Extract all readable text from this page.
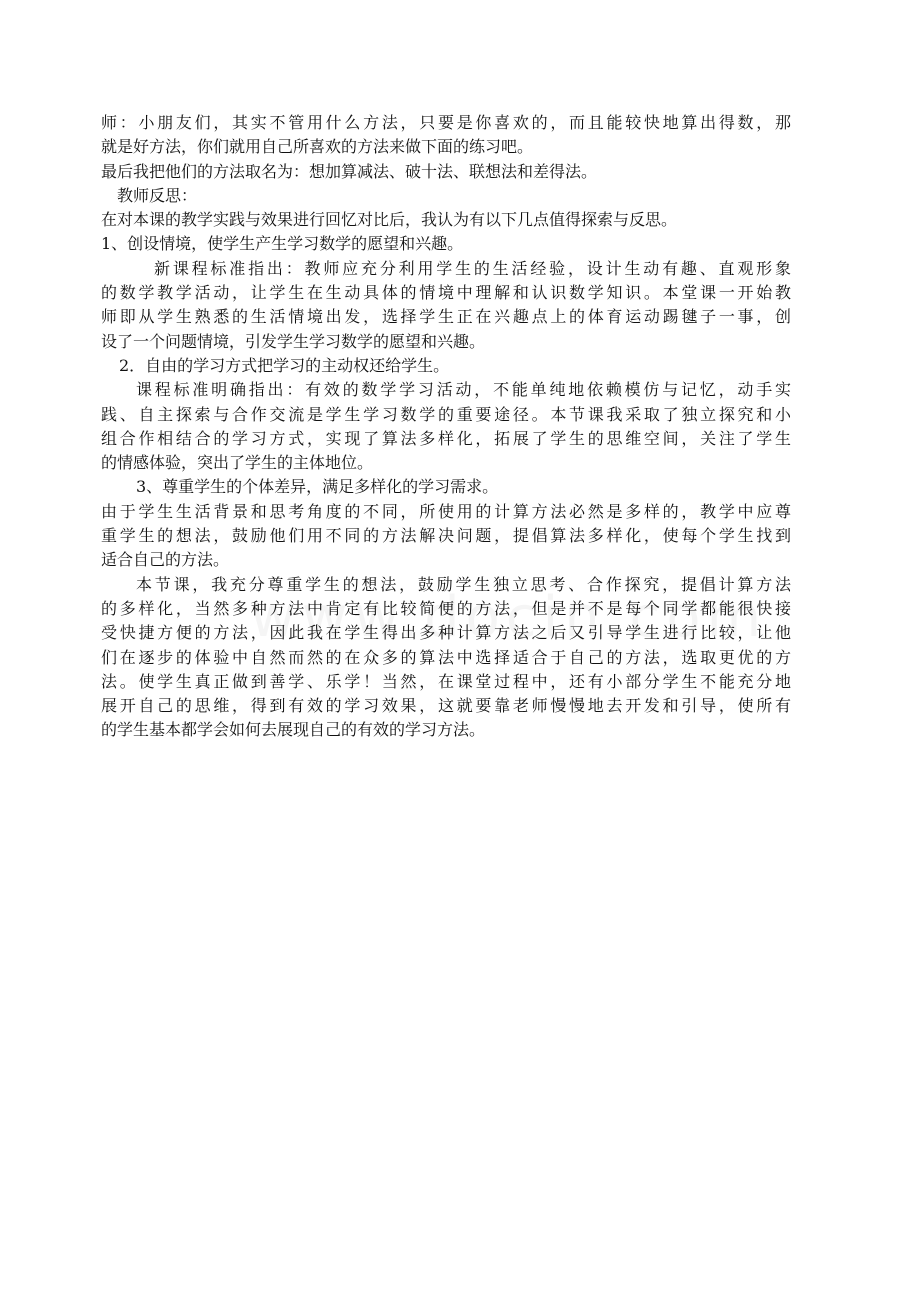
师：小朋友们，其实不管用什么方法，只要是你喜欢的，而且能较快地算出得数，那
就是好方法，你们就用自己所喜欢的方法来做下面的练习吧。
最后我把他们的方法取名为：想加算减法、破十法、联想法和差得法。
教师反思：
在对本课的教学实践与效果进行回忆对比后，我认为有以下几点值得探索与反思。
1、创设情境，使学生产生学习数学的愿望和兴趣。
新课程标准指出：教师应充分利用学生的生活经验，设计生动有趣、直观形象
的数学教学活动，让学生在生动具体的情境中理解和认识数学知识。本堂课一开始教
师即从学生熟悉的生活情境出发，选择学生正在兴趣点上的体育运动踢毽子一事，创
设了一个问题情境，引发学生学习数学的愿望和兴趣。
2．自由的学习方式把学习的主动权还给学生。
课程标准明确指出：有效的数学学习活动，不能单纯地依赖模仿与记忆，动手实
践、自主探索与合作交流是学生学习数学的重要途径。本节课我采取了独立探究和小
组合作相结合的学习方式，实现了算法多样化，拓展了学生的思维空间，关注了学生
的情感体验，突出了学生的主体地位。
3、尊重学生的个体差异，满足多样化的学习需求。
由于学生生活背景和思考角度的不同，所使用的计算方法必然是多样的，教学中应尊
重学生的想法，鼓励他们用不同的方法解决问题，提倡算法多样化，使每个学生找到
适合自己的方法。
本节课，我充分尊重学生的想法，鼓励学生独立思考、合作探究，提倡计算方法
的多样化，当然多种方法中肯定有比较简便的方法，但是并不是每个同学都能很快接
受快捷方便的方法，因此我在学生得出多种计算方法之后又引导学生进行比较，让他
们在逐步的体验中自然而然的在众多的算法中选择适合于自己的方法，选取更优的方
法。使学生真正做到善学、乐学！当然，在课堂过程中，还有小部分学生不能充分地
展开自己的思维，得到有效的学习效果，这就要靠老师慢慢地去开发和引导，使所有
的学生基本都学会如何去展现自己的有效的学习方法。
